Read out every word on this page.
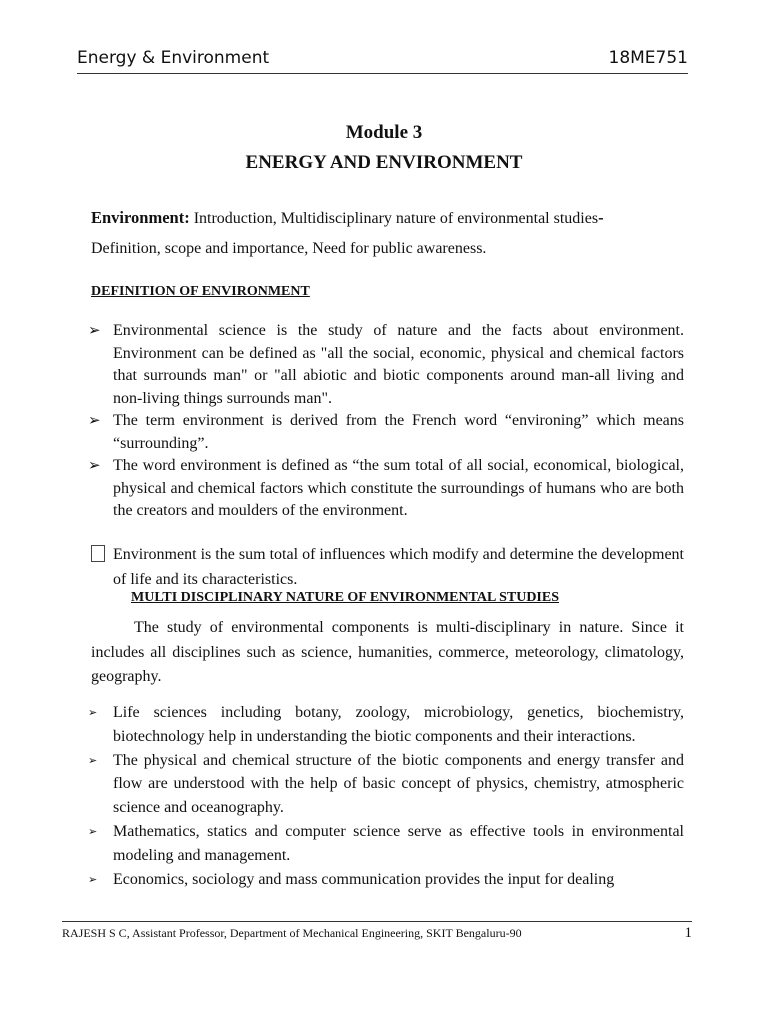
Energy & Environment	18ME751
Module 3
ENERGY AND ENVIRONMENT
Environment: Introduction, Multidisciplinary nature of environmental studies-
Definition, scope and importance, Need for public awareness.
DEFINITION OF ENVIRONMENT
➢ Environmental science is the study of nature and the facts about environment. Environment can be defined as "all the social, economic, physical and chemical factors that surrounds man" or "all abiotic and biotic components around man-all living and non-living things surrounds man".
➢ The term environment is derived from the French word “environing” which means “surrounding”.
➢ The word environment is defined as “the sum total of all social, economical, biological, physical and chemical factors which constitute the surroundings of humans who are both the creators and moulders of the environment.
Environment is the sum total of influences which modify and determine the development of life and its characteristics.
MULTI DISCIPLINARY NATURE OF ENVIRONMENTAL STUDIES
The study of environmental components is multi-disciplinary in nature. Since it includes all disciplines such as science, humanities, commerce, meteorology, climatology, geography.
➢ Life sciences including botany, zoology, microbiology, genetics, biochemistry, biotechnology help in understanding the biotic components and their interactions.
➢ The physical and chemical structure of the biotic components and energy transfer and flow are understood with the help of basic concept of physics, chemistry, atmospheric science and oceanography.
➢ Mathematics, statics and computer science serve as effective tools in environmental modeling and management.
➢ Economics, sociology and mass communication provides the input for dealing
RAJESH S C, Assistant Professor, Department of Mechanical Engineering, SKIT Bengaluru-90	1
